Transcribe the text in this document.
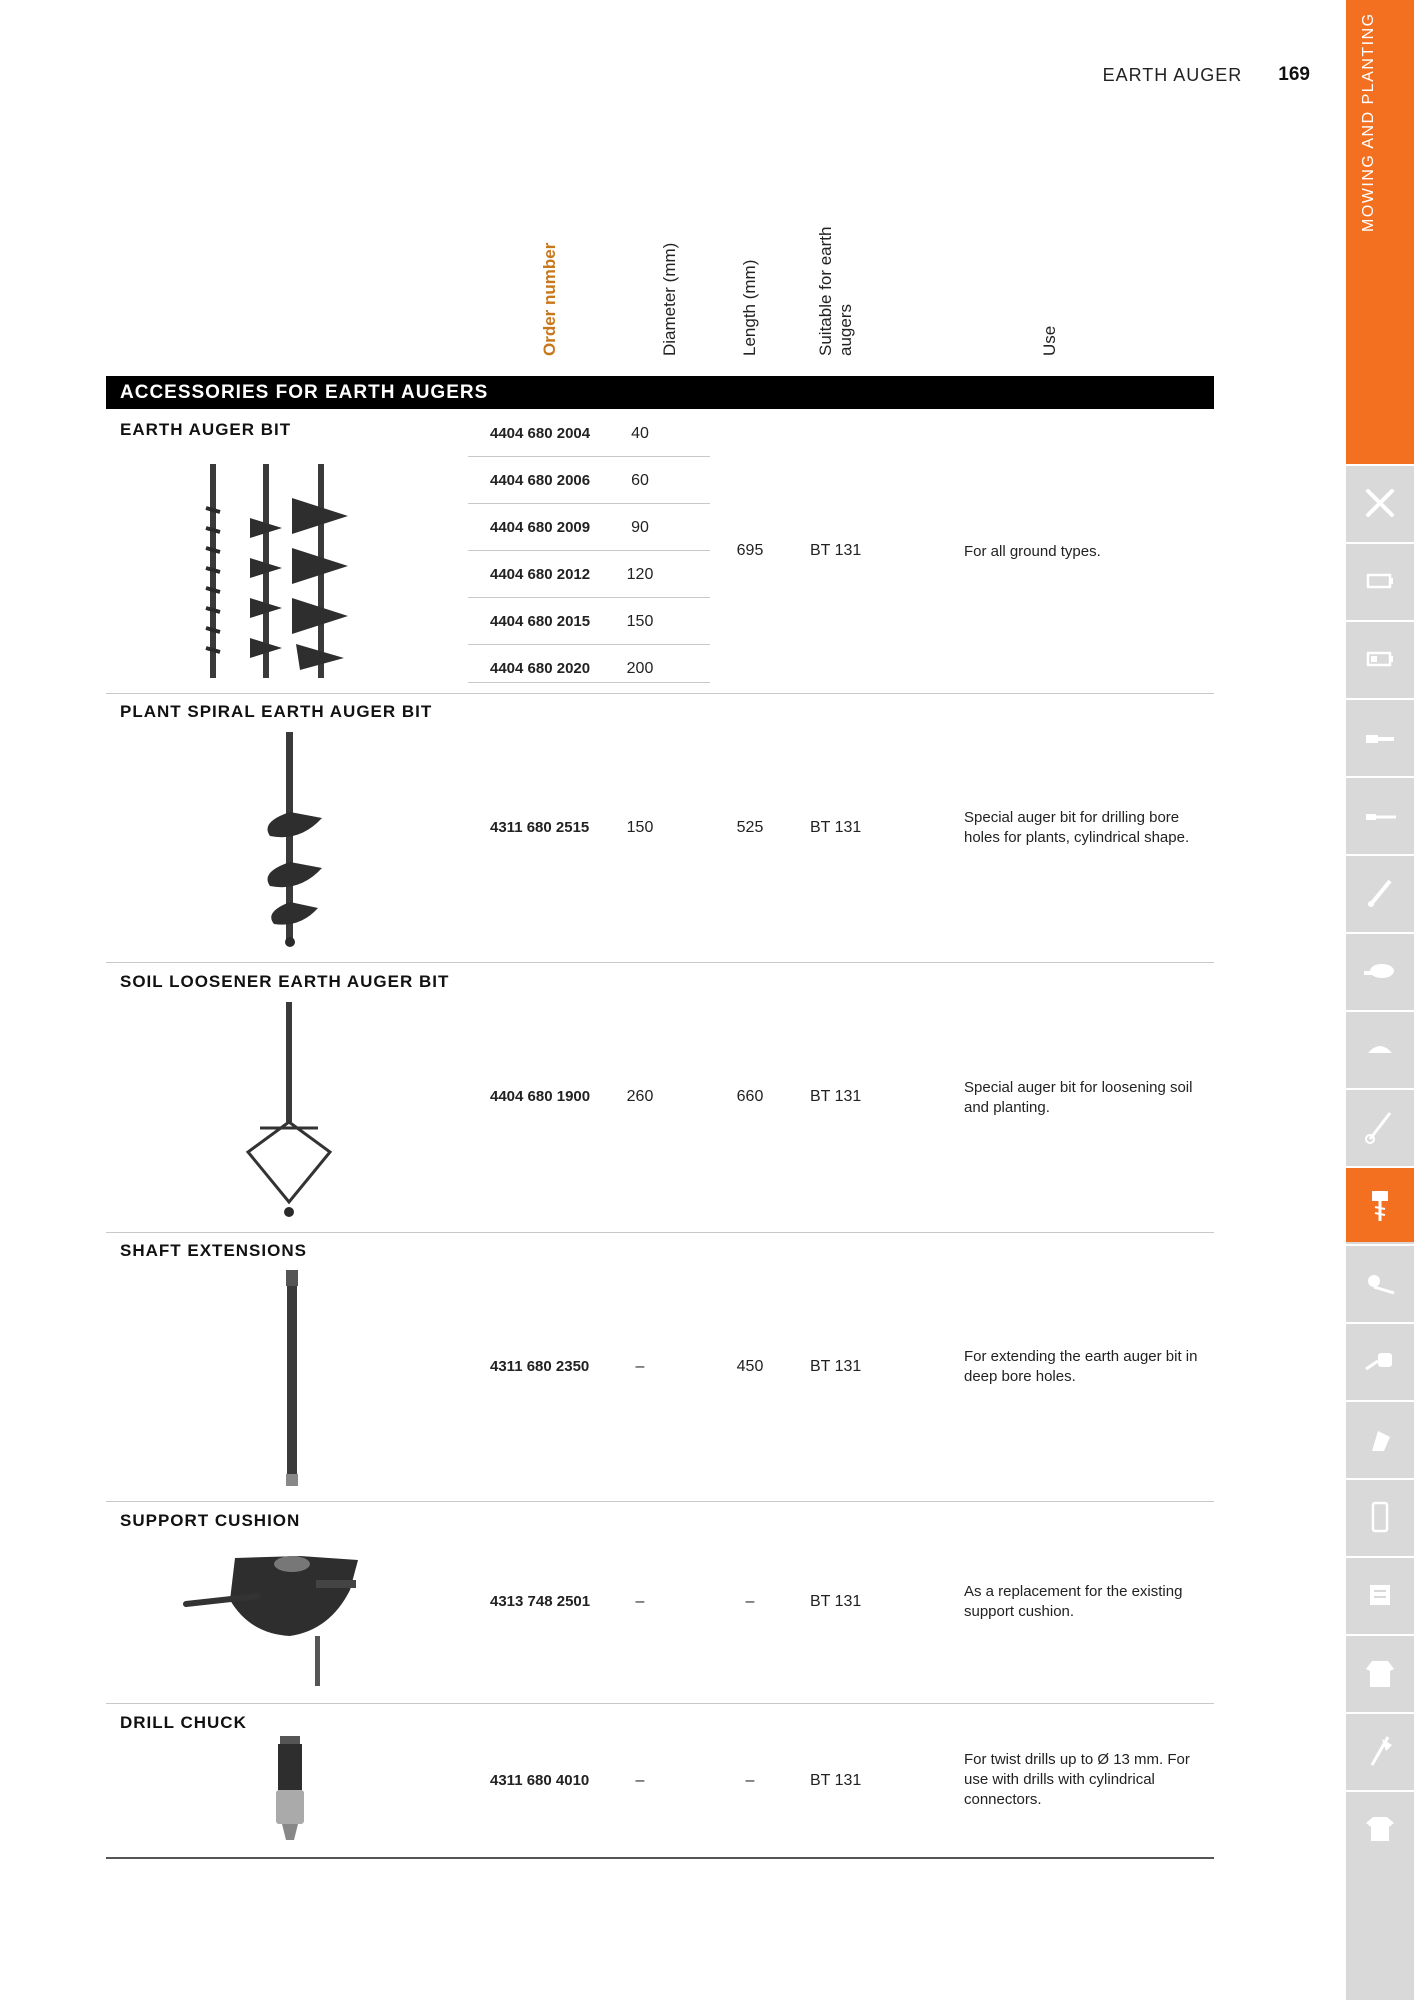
EARTH AUGER 169	MOWING AND PLANTING
Order number	Diameter (mm)	Length (mm)	Suitable for earth augers	Use
ACCESSORIES FOR EARTH AUGERS
EARTH AUGER BIT	4404 680 2004	40
4404 680 2006	60
4404 680 2009	90
4404 680 2012	120
4404 680 2015	150
4404 680 2020	200
695	BT 131	For all ground types.
PLANT SPIRAL EARTH AUGER BIT
4311 680 2515	150	525	BT 131
Special auger bit for drilling bore holes for plants, cylindrical shape.
SOIL LOOSENER EARTH AUGER BIT
4404 680 1900	260	660	BT 131
Special auger bit for loosening soil and planting.
SHAFT EXTENSIONS
4311 680 2350	–	450	BT 131
For extending the earth auger bit in deep bore holes.
SUPPORT CUSHION
4313 748 2501	–	–	BT 131
As a replacement for the existing support cushion.
DRILL CHUCK
4311 680 4010	–	–	BT 131
For twist drills up to Ø 13 mm. For use with drills with cylindrical connectors.
